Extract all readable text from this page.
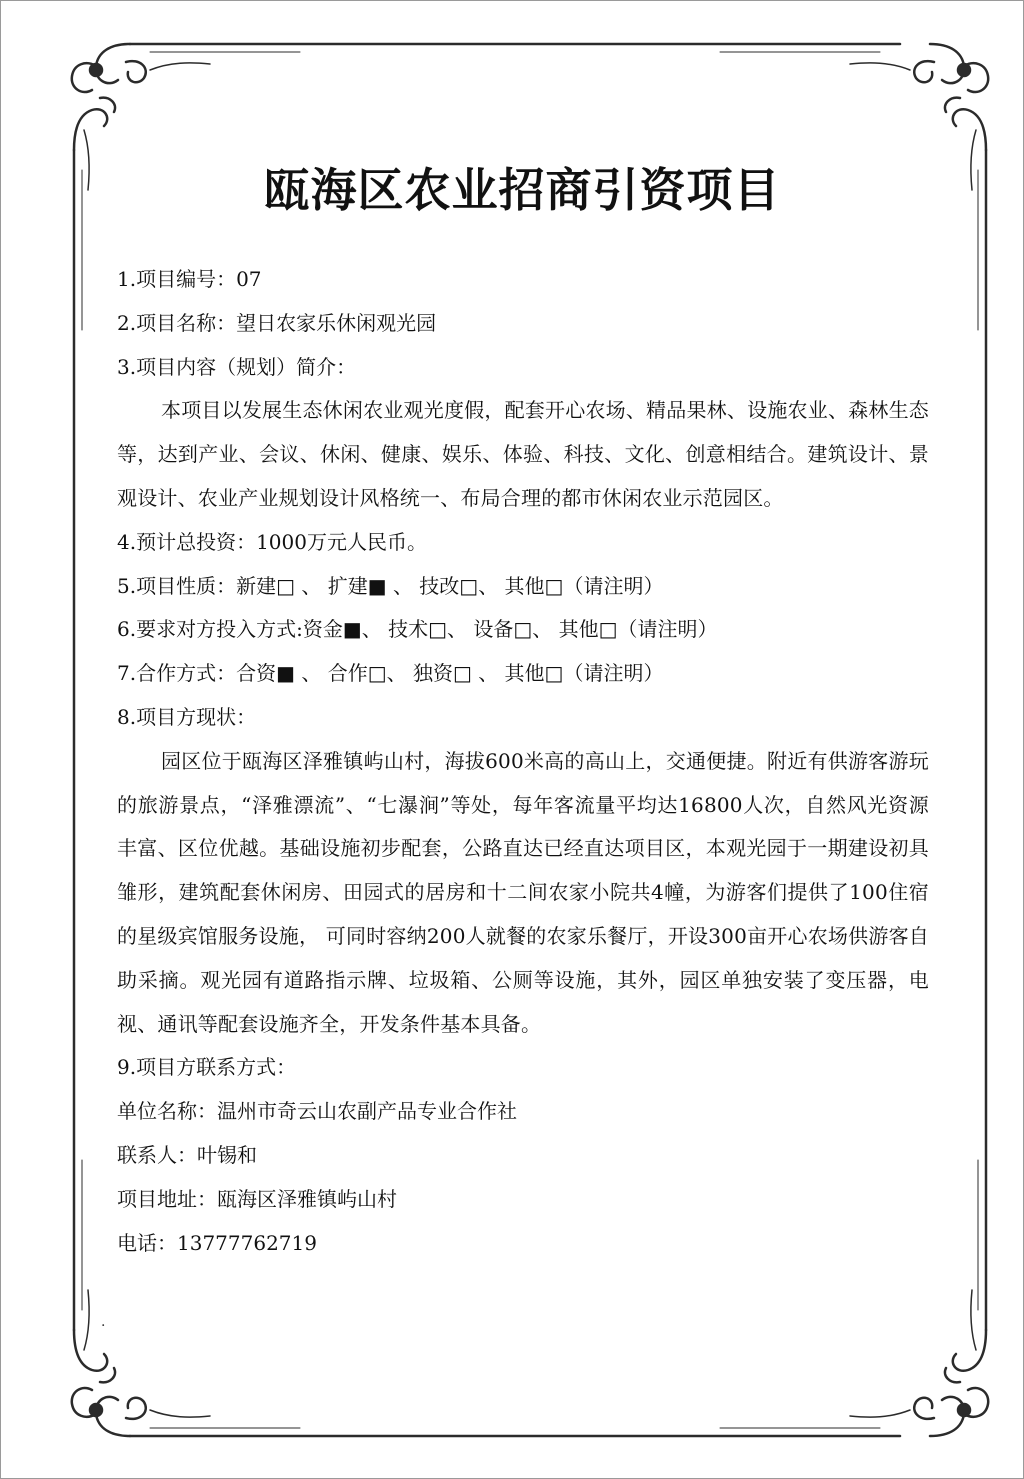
瓯海区农业招商引资项目
1.项目编号：07
2.项目名称：望日农家乐休闲观光园
3.项目内容（规划）简介：
本项目以发展生态休闲农业观光度假，配套开心农场、精品果林、设施农业、森林生态等，达到产业、会议、休闲、健康、娱乐、体验、科技、文化、创意相结合。建筑设计、景观设计、农业产业规划设计风格统一、布局合理的都市休闲农业示范园区。
4.预计总投资：1000万元人民币。
5.项目性质：新建□ 、 扩建■ 、 技改□、 其他□（请注明）
6.要求对方投入方式:资金■、 技术□、 设备□、 其他□（请注明）
7.合作方式：合资■ 、 合作□、 独资□ 、 其他□（请注明）
8.项目方现状：
园区位于瓯海区泽雅镇屿山村，海拔600米高的高山上，交通便捷。附近有供游客游玩的旅游景点，“泽雅漂流”、“七瀑涧”等处，每年客流量平均达16800人次，自然风光资源丰富、区位优越。基础设施初步配套，公路直达已经直达项目区，本观光园于一期建设初具雏形，建筑配套休闲房、田园式的居房和十二间农家小院共4幢，为游客们提供了100住宿的星级宾馆服务设施， 可同时容纳200人就餐的农家乐餐厅，开设300亩开心农场供游客自助采摘。观光园有道路指示牌、垃圾箱、公厕等设施，其外，园区单独安装了变压器，电视、通讯等配套设施齐全，开发条件基本具备。
9.项目方联系方式：
单位名称：温州市奇云山农副产品专业合作社
联系人：叶锡和
项目地址：瓯海区泽雅镇屿山村
电话：13777762719
·
